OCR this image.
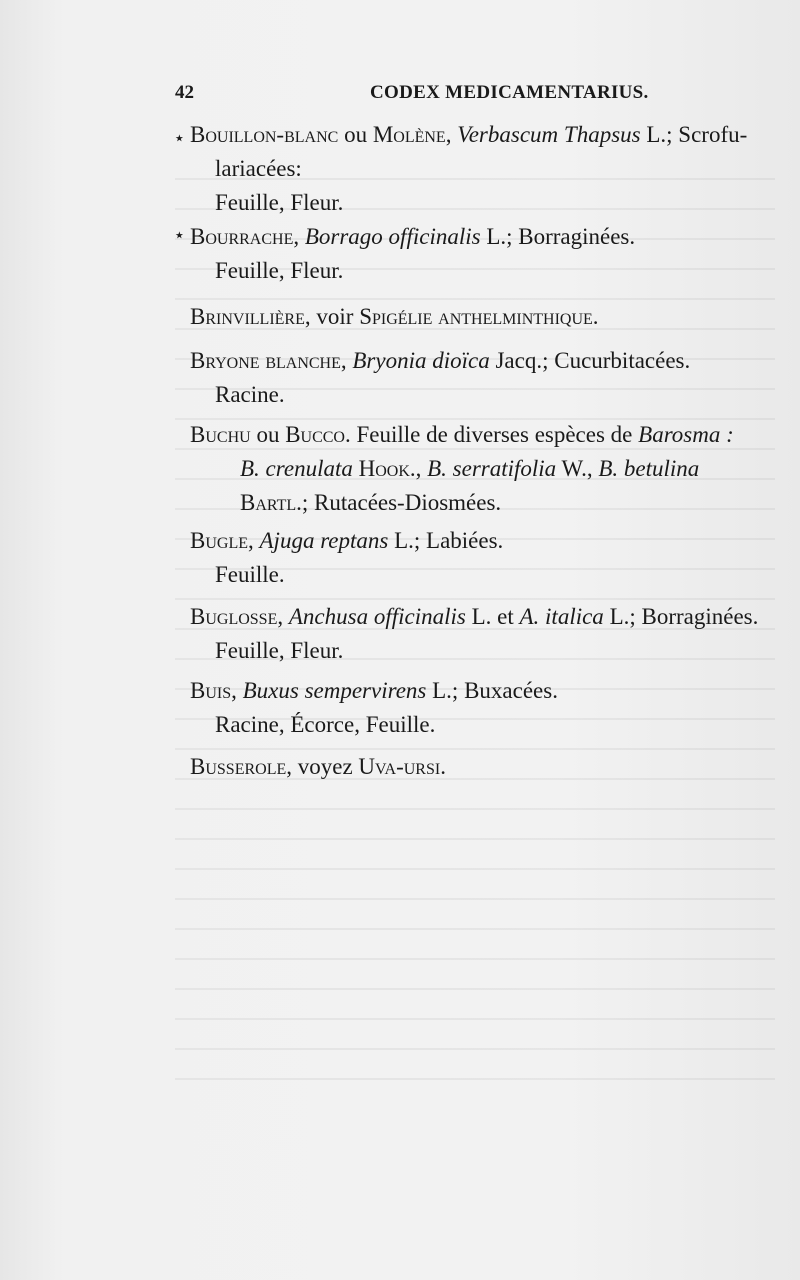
42	CODEX MEDICAMENTARIUS.
٭
٭
Bouillon-blanc ou Molène, Verbascum Thapsus L.; Scrofu-
lariacées:
Feuille, Fleur.
Bourrache, Borrago officinalis L.; Borraginées.
Feuille, Fleur.
Brinvillière, voir Spigélie anthelminthique.
Bryone blanche, Bryonia dioïca Jacq.; Cucurbitacées.
Racine.
Buchu ou Bucco. Feuille de diverses espèces de Barosma :
B. crenulata Hook., B. serratifolia W., B. betulina
Bartl.; Rutacées-Diosmées.
Bugle, Ajuga reptans L.; Labiées.
Feuille.
Buglosse, Anchusa officinalis L. et A. italica L.; Borraginées.
Feuille, Fleur.
Buis, Buxus sempervirens L.; Buxacées.
Racine, Écorce, Feuille.
Busserole, voyez Uva-ursi.
